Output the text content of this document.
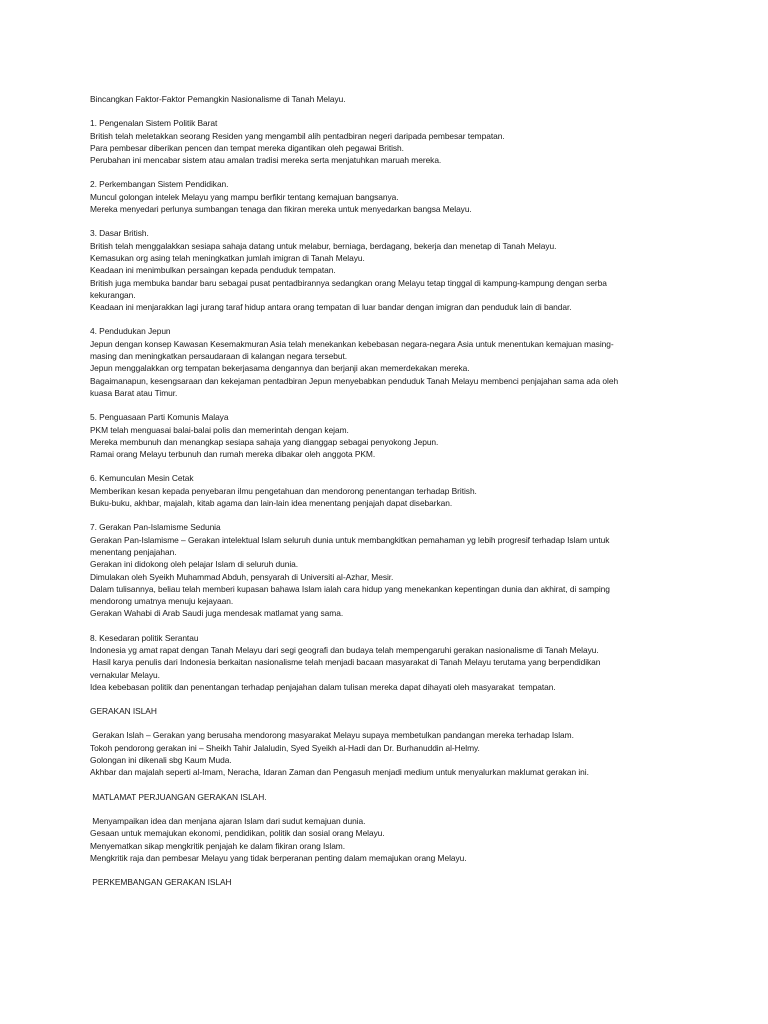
Bincangkan Faktor-Faktor Pemangkin Nasionalisme di Tanah Melayu.
1. Pengenalan Sistem Politik Barat
British telah meletakkan seorang Residen yang mengambil alih pentadbiran negeri daripada pembesar tempatan.
Para pembesar diberikan pencen dan tempat mereka digantikan oleh pegawai British.
Perubahan ini mencabar sistem atau amalan tradisi mereka serta menjatuhkan maruah mereka.
2. Perkembangan Sistem Pendidikan.
Muncul golongan intelek Melayu yang mampu berfikir tentang kemajuan bangsanya.
Mereka menyedari perlunya sumbangan tenaga dan fikiran mereka untuk menyedarkan bangsa Melayu.
3. Dasar British.
British telah menggalakkan sesiapa sahaja datang untuk melabur, berniaga, berdagang, bekerja dan menetap di Tanah Melayu.
Kemasukan org asing telah meningkatkan jumlah imigran di Tanah Melayu.
Keadaan ini menimbulkan persaingan kepada penduduk tempatan.
British juga membuka bandar baru sebagai pusat pentadbirannya sedangkan orang Melayu tetap tinggal di kampung-kampung dengan serba
kekurangan.
Keadaan ini menjarakkan lagi jurang taraf hidup antara orang tempatan di luar bandar dengan imigran dan penduduk lain di bandar.
4. Pendudukan Jepun
Jepun dengan konsep Kawasan Kesemakmuran Asia telah menekankan kebebasan negara-negara Asia untuk menentukan kemajuan masing-
masing dan meningkatkan persaudaraan di kalangan negara tersebut.
Jepun menggalakkan org tempatan bekerjasama dengannya dan berjanji akan memerdekakan mereka.
Bagaimanapun, kesengsaraan dan kekejaman pentadbiran Jepun menyebabkan penduduk Tanah Melayu membenci penjajahan sama ada oleh
kuasa Barat atau Timur.
5. Penguasaan Parti Komunis Malaya
PKM telah menguasai balai-balai polis dan memerintah dengan kejam.
Mereka membunuh dan menangkap sesiapa sahaja yang dianggap sebagai penyokong Jepun.
Ramai orang Melayu terbunuh dan rumah mereka dibakar oleh anggota PKM.
6. Kemunculan Mesin Cetak
Memberikan kesan kepada penyebaran ilmu pengetahuan dan mendorong penentangan terhadap British.
Buku-buku, akhbar, majalah, kitab agama dan lain-lain idea menentang penjajah dapat disebarkan.
7. Gerakan Pan-Islamisme Sedunia
Gerakan Pan-Islamisme – Gerakan intelektual Islam seluruh dunia untuk membangkitkan pemahaman yg lebih progresif terhadap Islam untuk
menentang penjajahan.
Gerakan ini didokong oleh pelajar Islam di seluruh dunia.
Dimulakan oleh Syeikh Muhammad Abduh, pensyarah di Universiti al-Azhar, Mesir.
Dalam tulisannya, beliau telah memberi kupasan bahawa Islam ialah cara hidup yang menekankan kepentingan dunia dan akhirat, di samping
mendorong umatnya menuju kejayaan.
Gerakan Wahabi di Arab Saudi juga mendesak matlamat yang sama.
8. Kesedaran politik Serantau
Indonesia yg amat rapat dengan Tanah Melayu dari segi geografi dan budaya telah mempengaruhi gerakan nasionalisme di Tanah Melayu.
Hasil karya penulis dari Indonesia berkaitan nasionalisme telah menjadi bacaan masyarakat di Tanah Melayu terutama yang berpendidikan
vernakular Melayu.
Idea kebebasan politik dan penentangan terhadap penjajahan dalam tulisan mereka dapat dihayati oleh masyarakat  tempatan.
GERAKAN ISLAH
Gerakan Islah – Gerakan yang berusaha mendorong masyarakat Melayu supaya membetulkan pandangan mereka terhadap Islam.
Tokoh pendorong gerakan ini – Sheikh Tahir Jalaludin, Syed Syeikh al-Hadi dan Dr. Burhanuddin al-Helmy.
Golongan ini dikenali sbg Kaum Muda.
Akhbar dan majalah seperti al-Imam, Neracha, Idaran Zaman dan Pengasuh menjadi medium untuk menyalurkan maklumat gerakan ini.
MATLAMAT PERJUANGAN GERAKAN ISLAH.
Menyampaikan idea dan menjana ajaran Islam dari sudut kemajuan dunia.
Gesaan untuk memajukan ekonomi, pendidikan, politik dan sosial orang Melayu.
Menyematkan sikap mengkritik penjajah ke dalam fikiran orang Islam.
Mengkritik raja dan pembesar Melayu yang tidak berperanan penting dalam memajukan orang Melayu.
PERKEMBANGAN GERAKAN ISLAH
